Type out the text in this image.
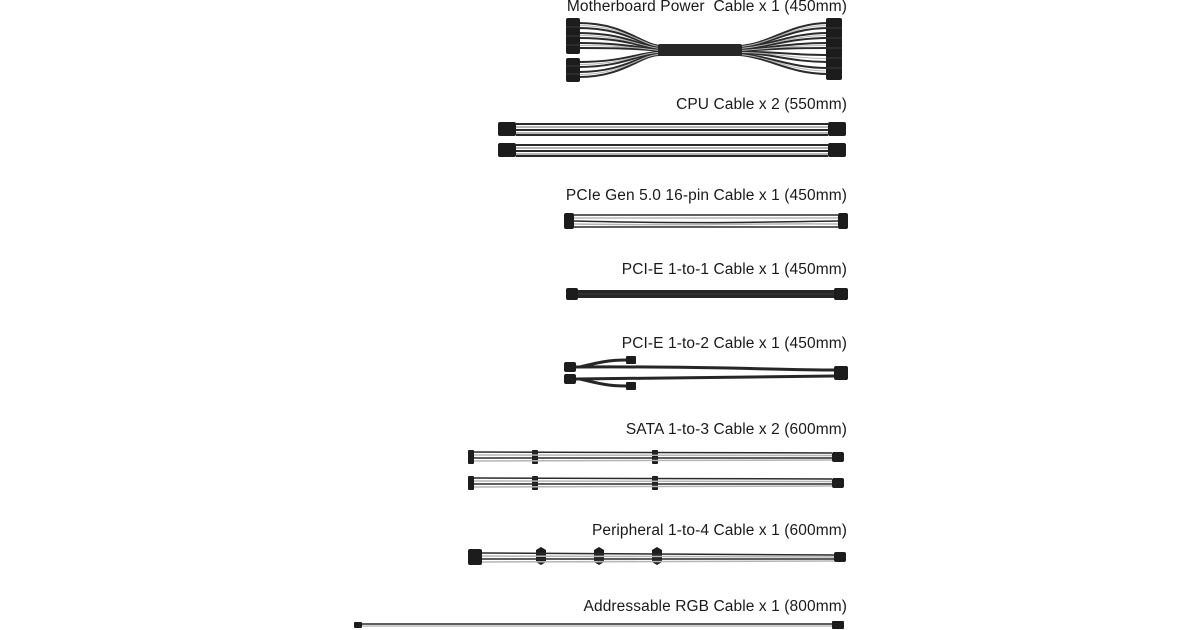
Motherboard Power  Cable x 1 (450mm)
CPU Cable x 2 (550mm)
PCIe Gen 5.0 16-pin Cable x 1 (450mm)
PCI-E 1-to-1 Cable x 1 (450mm)
PCI-E 1-to-2 Cable x 1 (450mm)
SATA 1-to-3 Cable x 2 (600mm)
Peripheral 1-to-4 Cable x 1 (600mm)
Addressable RGB Cable x 1 (800mm)
